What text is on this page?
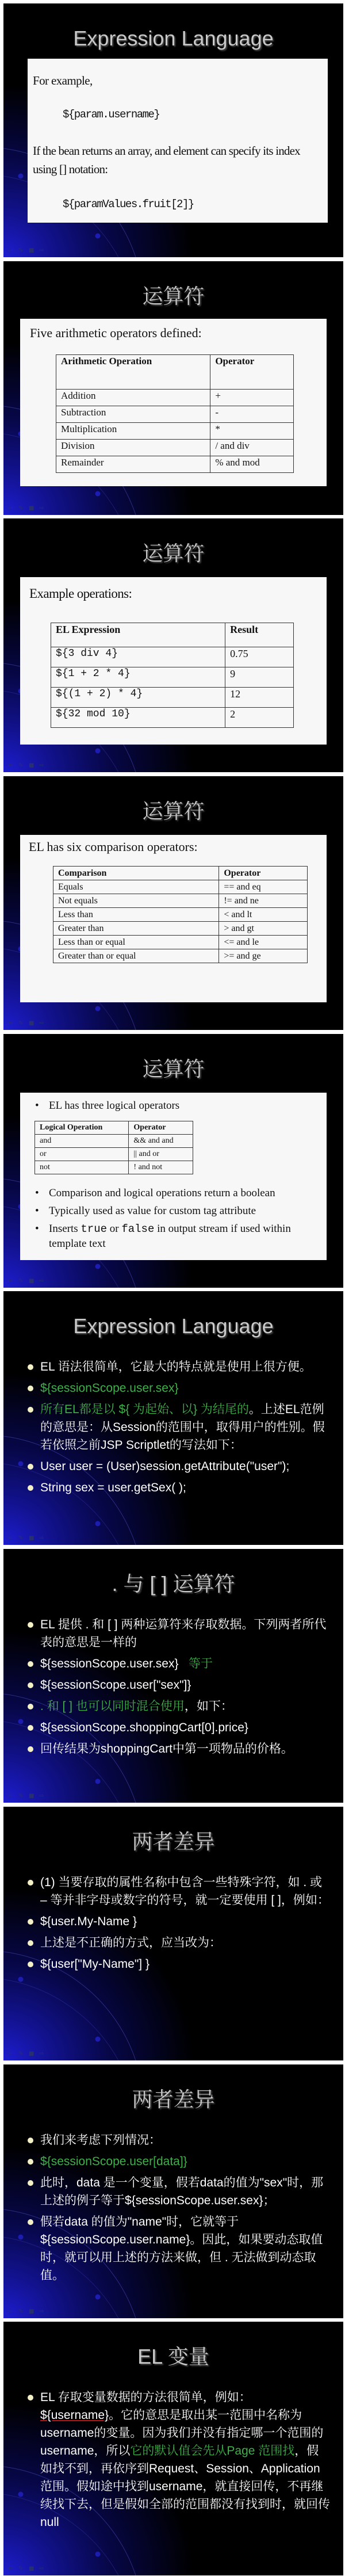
⇦
✎
■
⇨
Expression Language
For example,
${param.username}
If the bean returns an array, and element can specify its index using [] notation:
${paramValues.fruit[2]}
⇦
✎
■
⇨
运算符
Five arithmetic operators defined:
Arithmetic Operation	Operator
Addition	+
Subtraction	-
Multiplication	*
Division	/ and div
Remainder	% and mod
⇦
✎
■
⇨
运算符
Example operations:
EL Expression	Result
${3 div 4}	0.75
${1 + 2 * 4}	9
${(1 + 2) * 4}	12
${32 mod 10}	2
⇦
✎
■
⇨
运算符
EL has six comparison operators:
Comparison	Operator
Equals	== and eq
Not equals	!= and ne
Less than	< and lt
Greater than	> and gt
Less than or equal	<= and le
Greater than or equal	>= and ge
⇦
✎
■
⇨
运算符
• EL has three logical operators
Logical Operation	Operator
and	&& and and
or	|| and or
not	! and not
• Comparison and logical operations return a boolean
• Typically used as value for custom tag attribute
• Inserts true or false in output stream if used within template text
⇦
✎
■
⇨
Expression Language
EL 语法很简单，它最大的特点就是使用上很方便。
${sessionScope.user.sex}
所有EL都是以 ${ 为起始、以} 为结尾的。上述EL范例的意思是：从Session的范围中，取得用户的性别。假若依照之前JSP Scriptlet的写法如下：
User user = (User)session.getAttribute("user");
String sex = user.getSex( );
⇦
✎
■
⇨
. 与 [ ] 运算符
EL 提供 . 和 [ ] 两种运算符来存取数据。下列两者所代表的意思是一样的
${sessionScope.user.sex}   等于
${sessionScope.user["sex"]}
. 和 [ ] 也可以同时混合使用，如下：
${sessionScope.shoppingCart[0].price}
回传结果为shoppingCart中第一项物品的价格。
⇦
✎
■
⇨
两者差异
(1) 当要存取的属性名称中包含一些特殊字符，如 . 或 – 等并非字母或数字的符号，就一定要使用 [ ]，例如：
${user.My-Name }
上述是不正确的方式，应当改为：
${user["My-Name"] }
⇦
✎
■
⇨
两者差异
我们来考虑下列情况：
${sessionScope.user[data]}
此时，data 是一个变量，假若data的值为"sex"时，那上述的例子等于${sessionScope.user.sex}；
假若data 的值为"name"时，它就等于${sessionScope.user.name}。因此，如果要动态取值时，就可以用上述的方法来做，但 . 无法做到动态取值。
⇦
✎
■
⇨
EL 变量
EL 存取变量数据的方法很简单，例如：${username}。它的意思是取出某一范围中名称为username的变量。因为我们并没有指定哪一个范围的username，所以它的默认值会先从Page 范围找，假如找不到，再依序到Request、Session、Application范围。假如途中找到username，就直接回传，不再继续找下去，但是假如全部的范围都没有找到时，就回传null
